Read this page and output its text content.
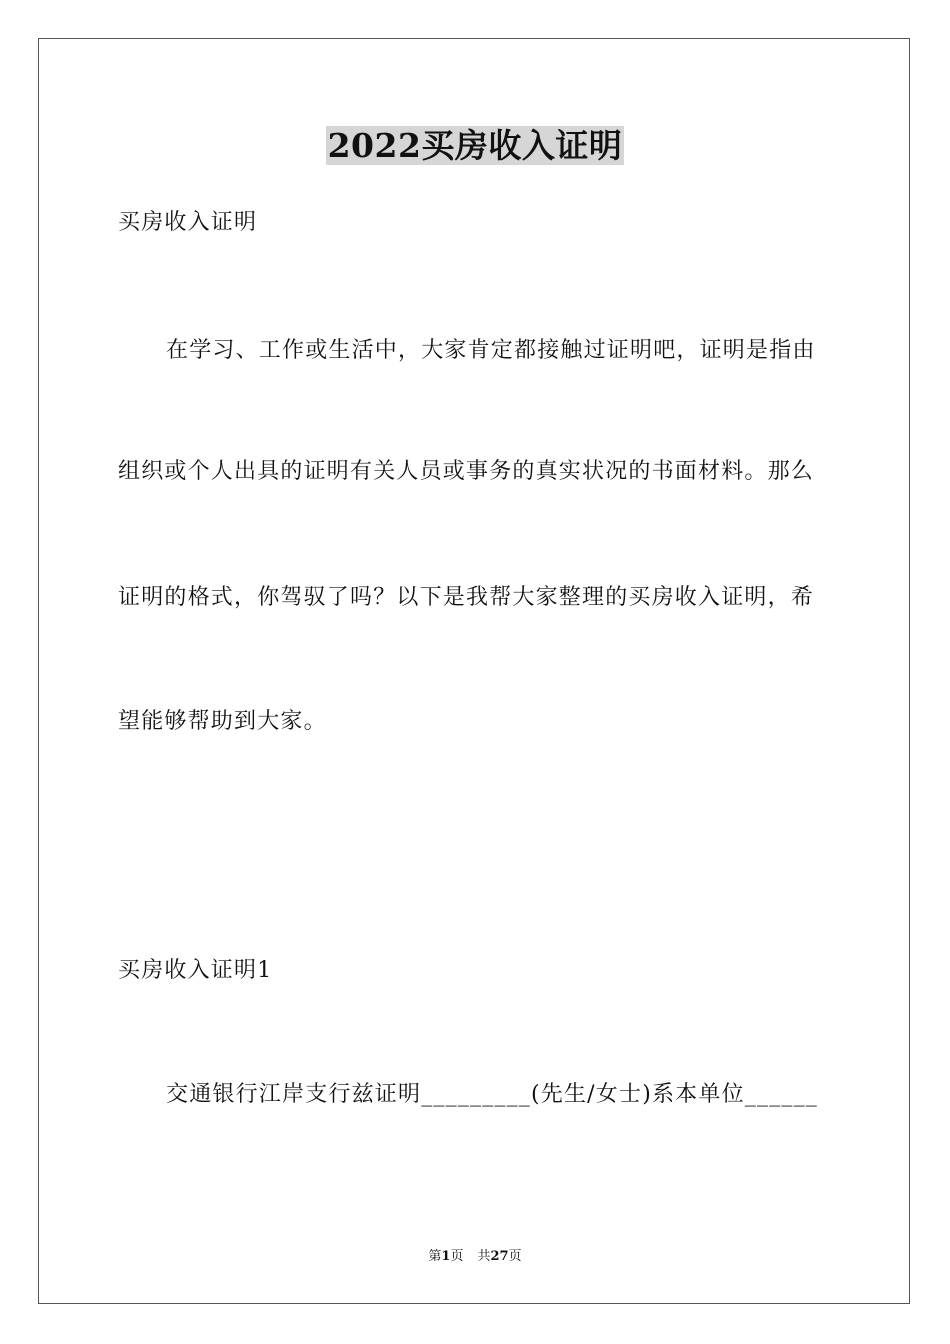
2022买房收入证明
买房收入证明
在学习、工作或生活中，大家肯定都接触过证明吧，证明是指由
组织或个人出具的证明有关人员或事务的真实状况的书面材料。那么
证明的格式，你驾驭了吗？以下是我帮大家整理的买房收入证明，希
望能够帮助到大家。
买房收入证明1
交通银行江岸支行兹证明_________(先生/女士)系本单位______
第1页 共27页
